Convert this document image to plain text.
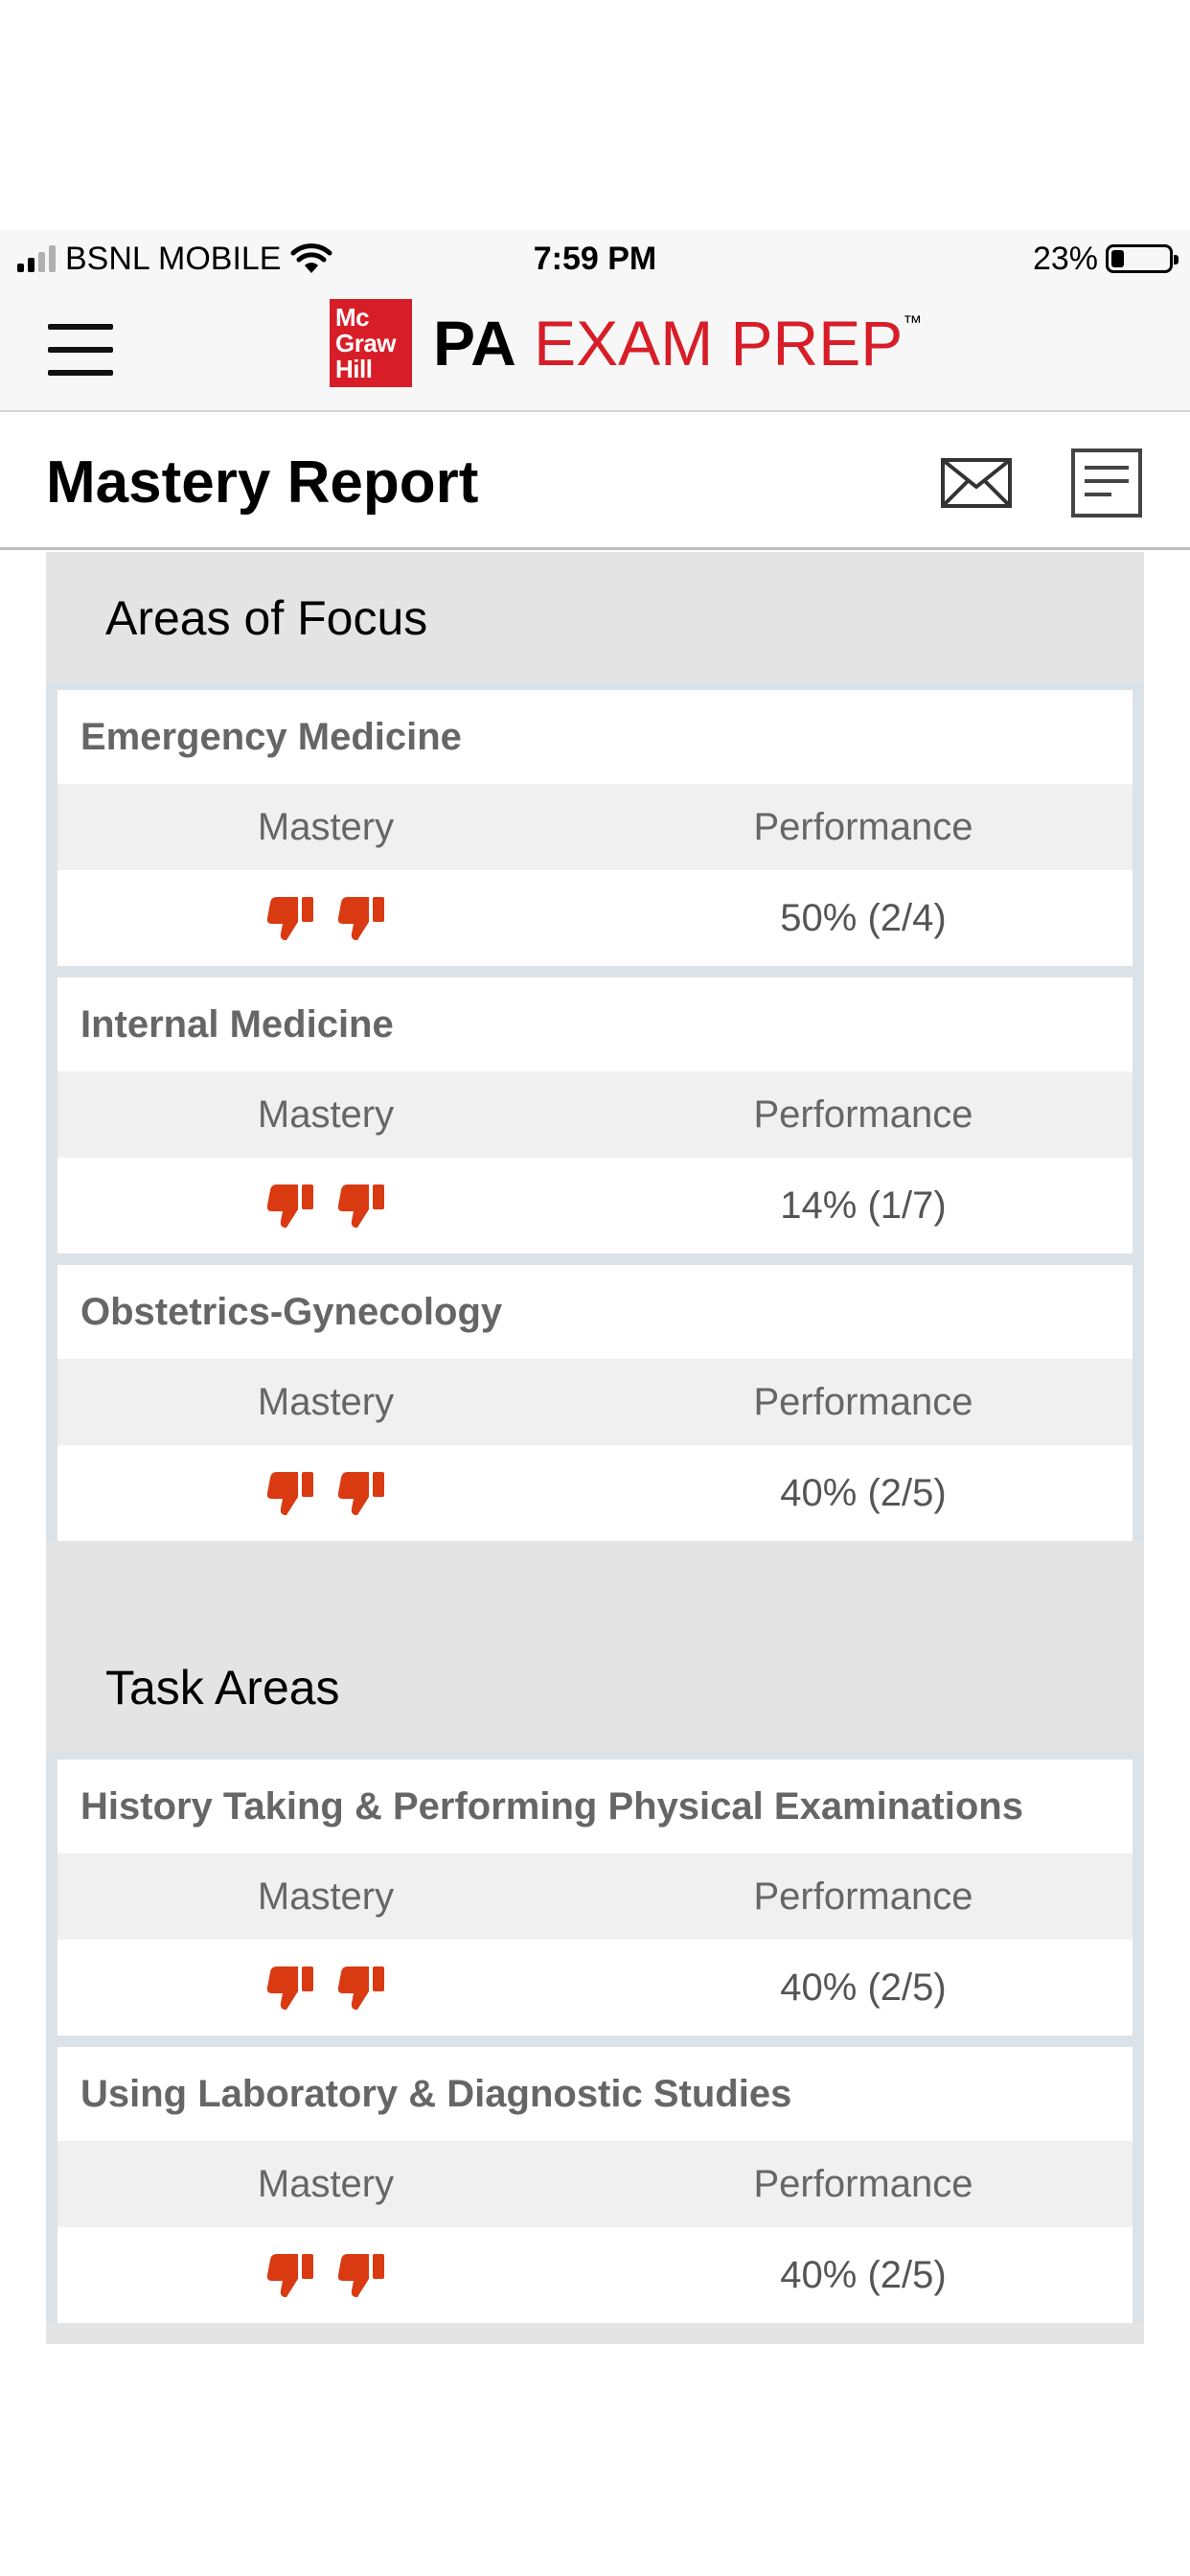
BSNL MOBILE	7:59 PM	23%
Mc
Graw
Hill PA EXAM PREP™
Mastery Report
Areas of Focus
Emergency Medicine
Mastery	Performance
50% (2/4)
Internal Medicine
Mastery	Performance
14% (1/7)
Obstetrics-Gynecology
Mastery	Performance
40% (2/5)
Task Areas
History Taking & Performing Physical Examinations
Mastery	Performance
40% (2/5)
Using Laboratory & Diagnostic Studies
Mastery	Performance
40% (2/5)
